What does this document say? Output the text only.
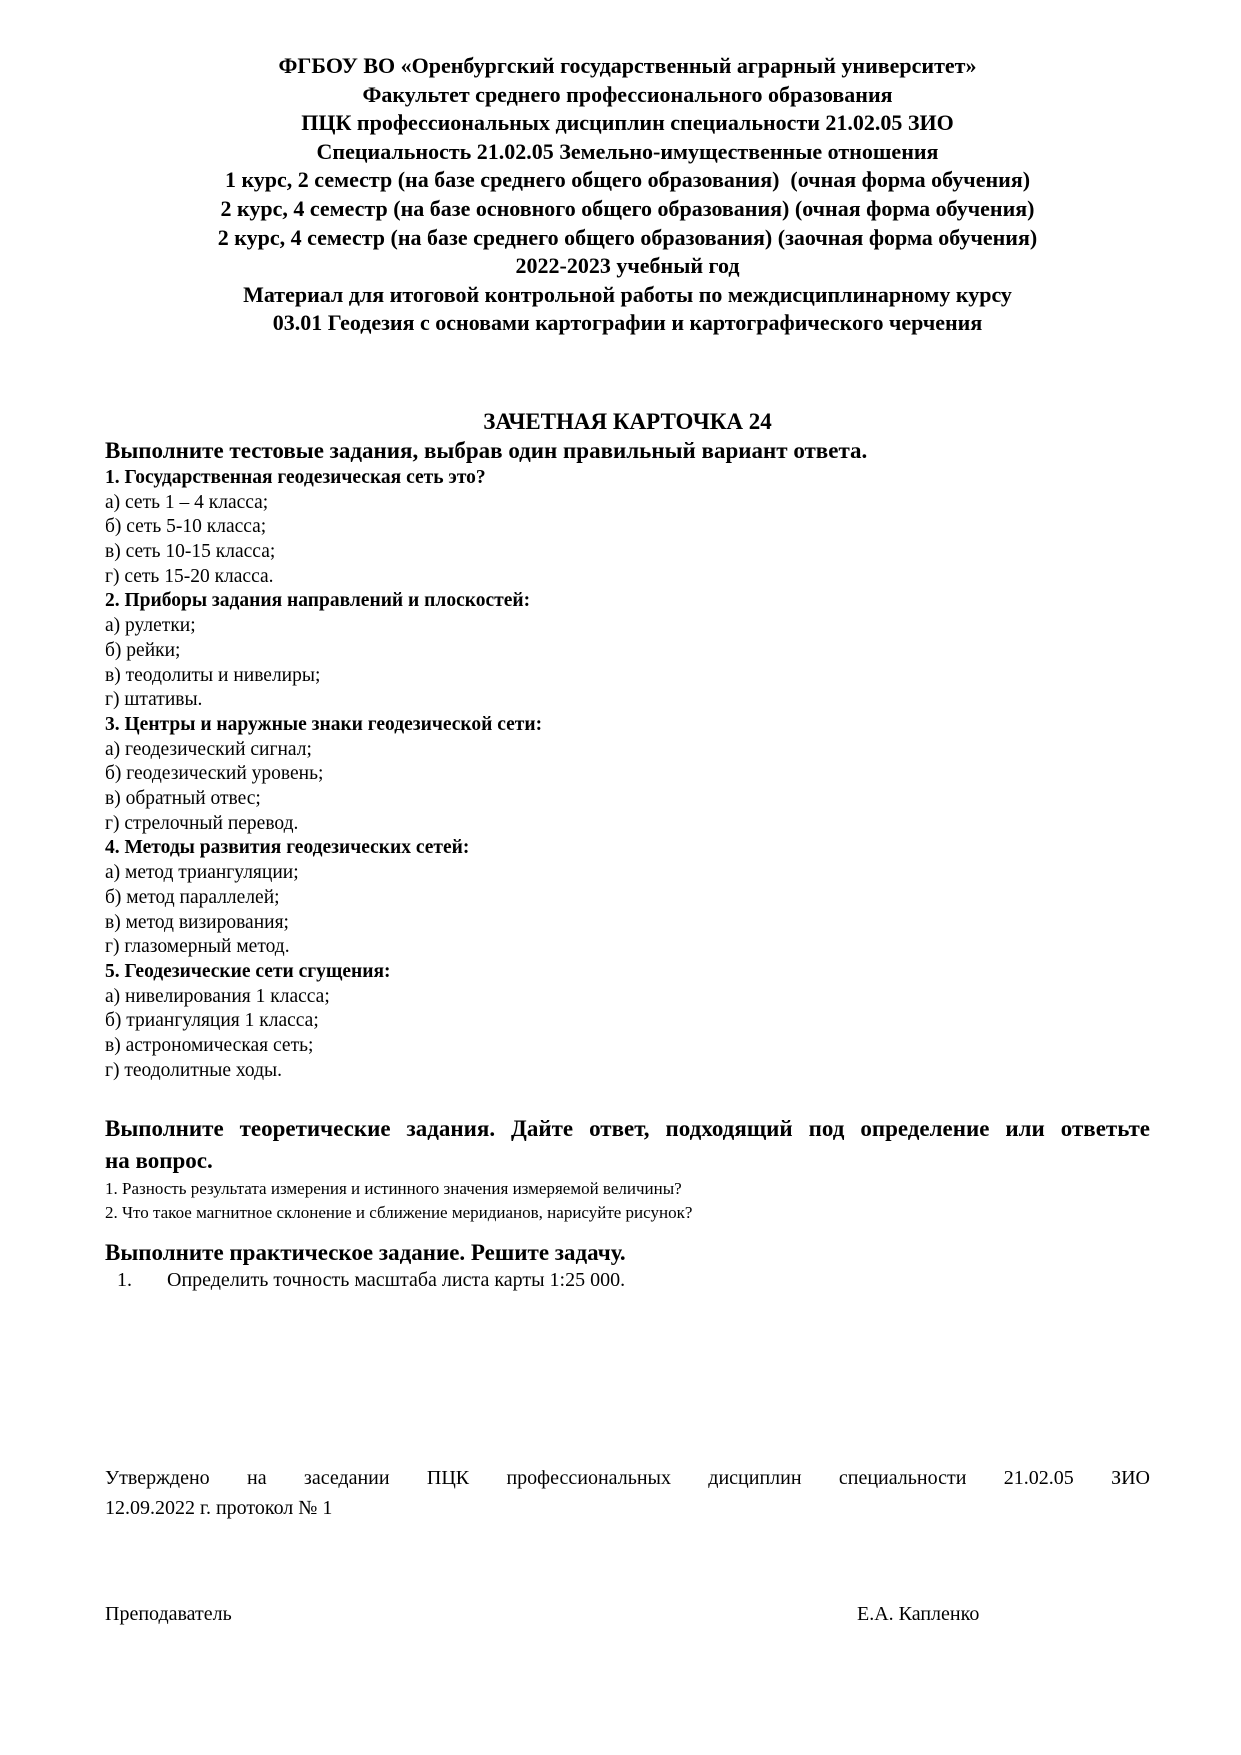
ФГБОУ ВО «Оренбургский государственный аграрный университет»
Факультет среднего профессионального образования
ПЦК профессиональных дисциплин специальности 21.02.05 ЗИО
Специальность 21.02.05 Земельно-имущественные отношения
1 курс, 2 семестр (на базе среднего общего образования)  (очная форма обучения)
2 курс, 4 семестр (на базе основного общего образования) (очная форма обучения)
2 курс, 4 семестр (на базе среднего общего образования) (заочная форма обучения)
2022-2023 учебный год
Материал для итоговой контрольной работы по междисциплинарному курсу
03.01 Геодезия с основами картографии и картографического черчения
ЗАЧЕТНАЯ КАРТОЧКА 24

Выполните тестовые задания, выбрав один правильный вариант ответа.

1. Государственная геодезическая сеть это?
а) сеть 1 – 4 класса;
б) сеть 5-10 класса;
в) сеть 10-15 класса;
г) сеть 15-20 класса.
2. Приборы задания направлений и плоскостей:
а) рулетки;
б) рейки;
в) теодолиты и нивелиры;
г) штативы.
3. Центры и наружные знаки геодезической сети:
а) геодезический сигнал;
б) геодезический уровень;
в) обратный отвес;
г) стрелочный перевод.
4. Методы развития геодезических сетей:
а) метод триангуляции;
б) метод параллелей;
в) метод визирования;
г) глазомерный метод.
5. Геодезические сети сгущения:
а) нивелирования 1 класса;
б) триангуляция 1 класса;
в) астрономическая сеть;
г) теодолитные ходы.
Выполните теоретические задания. Дайте ответ, подходящий под определение или ответьте
на вопрос.
1. Разность результата измерения и истинного значения измеряемой величины?
2. Что такое магнитное склонение и сближение меридианов, нарисуйте рисунок?

Выполните практическое задание. Решите задачу.

1.	Определить точность масштаба листа карты 1:25 000.
Утверждено на заседании ПЦК профессиональных дисциплин специальности 21.02.05 ЗИО
12.09.2022 г. протокол № 1
Преподаватель	Е.А. Капленко
